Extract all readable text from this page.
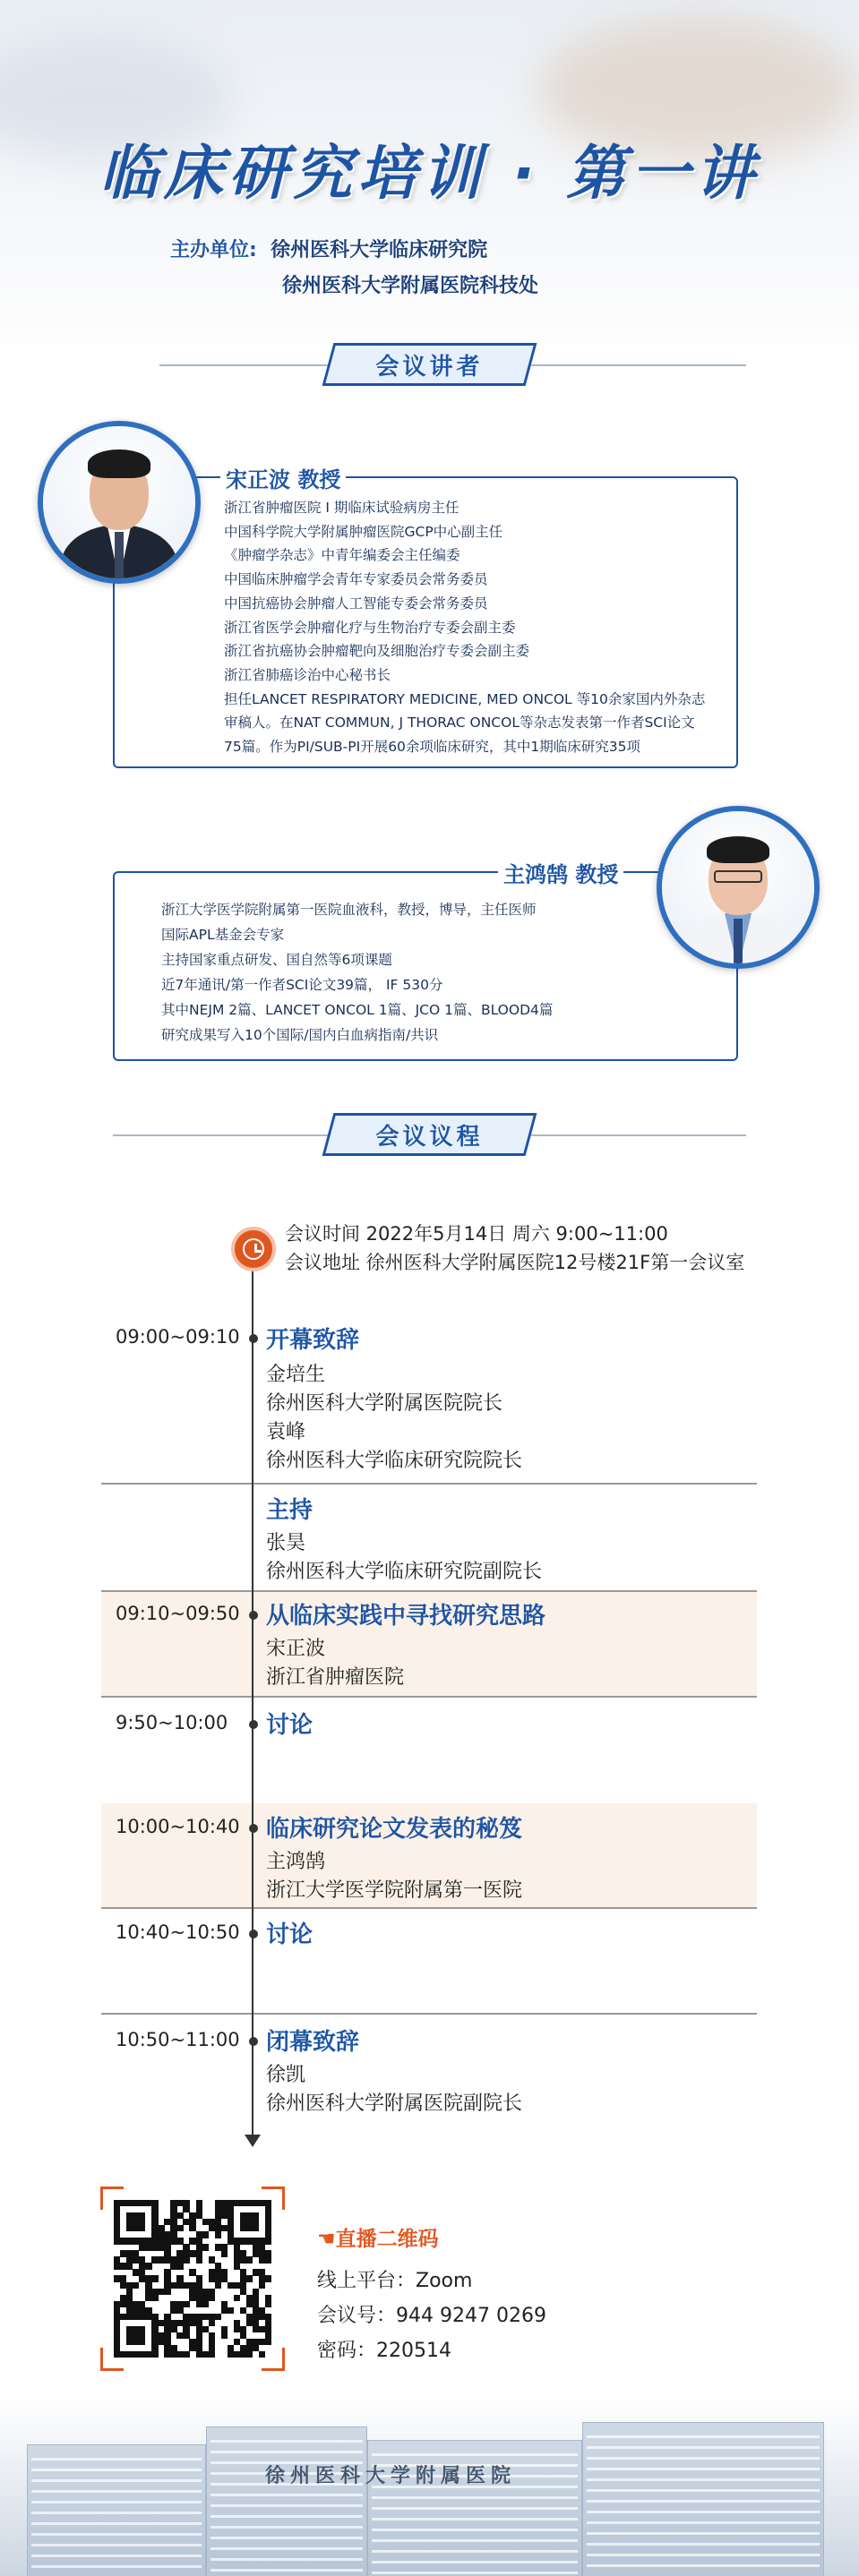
临床研究培训 · 第一讲
主办单位: 徐州医科大学临床研究院
徐州医科大学附属医院科技处
会议讲者
宋正波 教授
浙江省肿瘤医院 I 期临床试验病房主任
中国科学院大学附属肿瘤医院GCP中心副主任
《肿瘤学杂志》中青年编委会主任编委
中国临床肿瘤学会青年专家委员会常务委员
中国抗癌协会肿瘤人工智能专委会常务委员
浙江省医学会肿瘤化疗与生物治疗专委会副主委
浙江省抗癌协会肿瘤靶向及细胞治疗专委会副主委
浙江省肺癌诊治中心秘书长
担任LANCET RESPIRATORY MEDICINE, MED ONCOL 等10余家国内外杂志
审稿人。在NAT COMMUN, J THORAC ONCOL等杂志发表第一作者SCI论文
75篇。作为PI/SUB-PI开展60余项临床研究，其中1期临床研究35项
主鸿鹄 教授
浙江大学医学院附属第一医院血液科，教授，博导，主任医师
国际APL基金会专家
主持国家重点研发、国自然等6项课题
近7年通讯/第一作者SCI论文39篇， IF 530分
其中NEJM 2篇、LANCET ONCOL 1篇、JCO 1篇、BLOOD4篇
研究成果写入10个国际/国内白血病指南/共识
会议议程
09:00~09:10 开幕致辞
金培生
徐州医科大学附属医院院长
袁峰
徐州医科大学临床研究院院长
主持
张昊
徐州医科大学临床研究院副院长
09:10~09:50 从临床实践中寻找研究思路
宋正波
浙江省肿瘤医院
9:50~10:00 讨论
10:00~10:40 临床研究论文发表的秘笈
主鸿鹄
浙江大学医学院附属第一医院
10:40~10:50 讨论
10:50~11:00 闭幕致辞
徐凯
徐州医科大学附属医院副院长
会议时间 2022年5月14日 周六 9:00~11:00
会议地址 徐州医科大学附属医院12号楼21F第一会议室
☚直播二维码
线上平台：Zoom
会议号：944 9247 0269
密码：220514
徐州医科大学附属医院
